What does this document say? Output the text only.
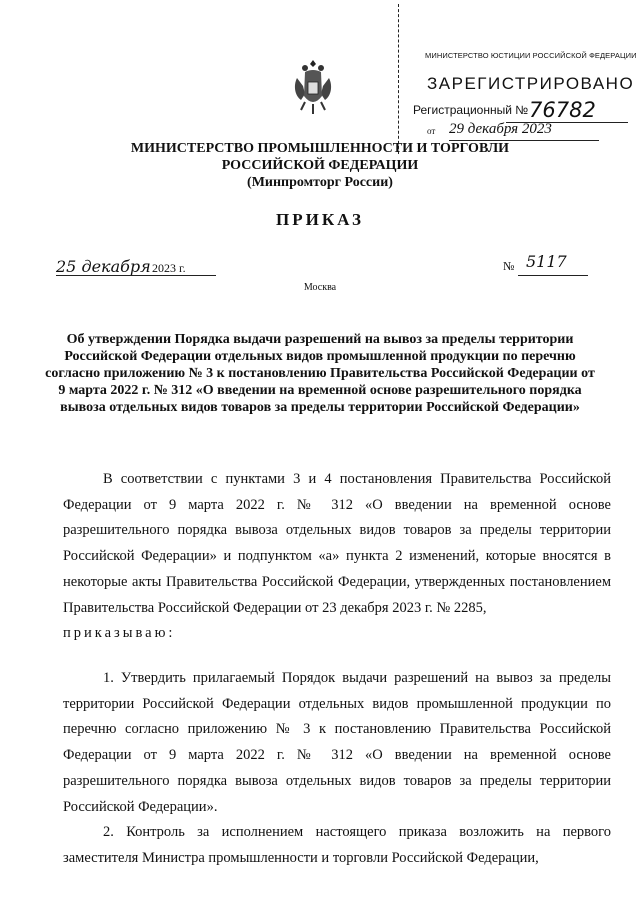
МИНИСТЕРСТВО ЮСТИЦИИ РОССИЙСКОЙ ФЕДЕРАЦИИ
ЗАРЕГИСТРИРОВАНО
Регистрационный № 76782
от 29 декабря 2023
МИНИСТЕРСТВО ПРОМЫШЛЕННОСТИ И ТОРГОВЛИ
РОССИЙСКОЙ ФЕДЕРАЦИИ
(Минпромторг России)
ПРИКАЗ
25 декабря 2023 г.	№ 5117
Москва
Об утверждении Порядка выдачи разрешений на вывоз за пределы территории Российской Федерации отдельных видов промышленной продукции по перечню согласно приложению № 3 к постановлению Правительства Российской Федерации от 9 марта 2022 г. № 312 «О введении на временной основе разрешительного порядка вывоза отдельных видов товаров за пределы территории Российской Федерации»
В соответствии с пунктами 3 и 4 постановления Правительства Российской Федерации от 9 марта 2022 г. № 312 «О введении на временной основе разрешительного порядка вывоза отдельных видов товаров за пределы территории Российской Федерации» и подпунктом «а» пункта 2 изменений, которые вносятся в некоторые акты Правительства Российской Федерации, утвержденных постановлением Правительства Российской Федерации от 23 декабря 2023 г. № 2285,
приказываю:
1. Утвердить прилагаемый Порядок выдачи разрешений на вывоз за пределы территории Российской Федерации отдельных видов промышленной продукции по перечню согласно приложению № 3 к постановлению Правительства Российской Федерации от 9 марта 2022 г. № 312 «О введении на временной основе разрешительного порядка вывоза отдельных видов товаров за пределы территории Российской Федерации».
2. Контроль за исполнением настоящего приказа возложить на первого заместителя Министра промышленности и торговли Российской Федерации,
